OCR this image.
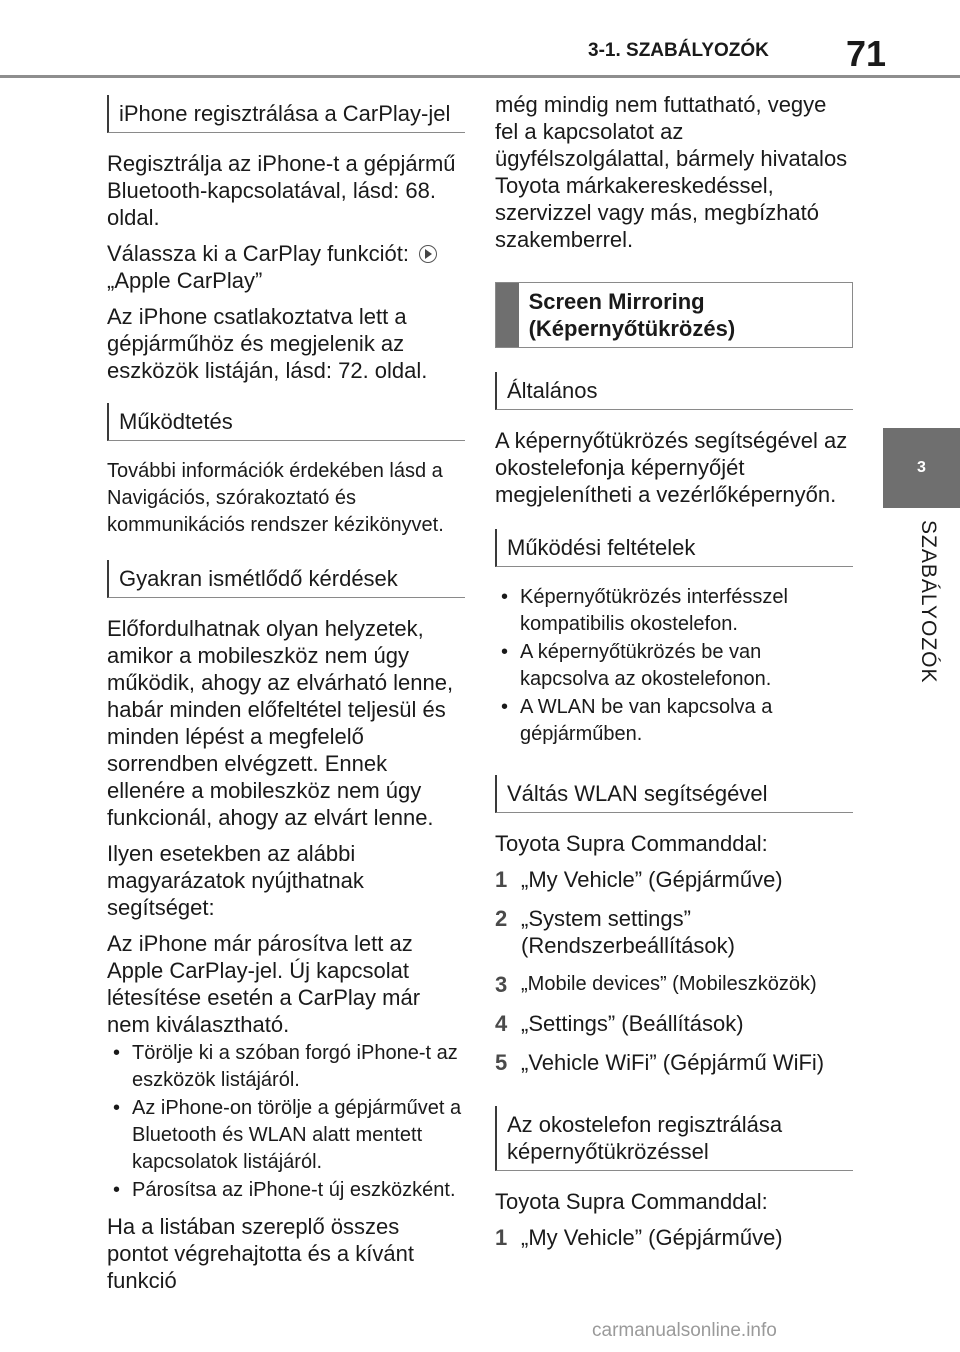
3-1. SZABÁLYOZÓK 71
3
SZABÁLYOZÓK
iPhone regisztrálása a CarPlay-jel

Regisztrálja az iPhone-t a gépjármű Bluetooth-kapcsolatával, lásd: 68. oldal.

Válassza ki a CarPlay funkciót:
„Apple CarPlay”

Az iPhone csatlakoztatva lett a gépjárműhöz és megjelenik az eszközök listáján, lásd: 72. oldal.

Működtetés

További információk érdekében lásd a Navigációs, szórakoztató és kommunikációs rendszer kézikönyvet.

Gyakran ismétlődő kérdések

Előfordulhatnak olyan helyzetek, amikor a mobileszköz nem úgy működik, ahogy az elvárható lenne, habár minden előfeltétel teljesül és minden lépést a megfelelő sorrendben elvégzett. Ennek ellenére a mobileszköz nem úgy funkcionál, ahogy az elvárt lenne.

Ilyen esetekben az alábbi magyarázatok nyújthatnak segítséget:

Az iPhone már párosítva lett az Apple CarPlay-jel. Új kapcsolat létesítése esetén a CarPlay már nem kiválasztható.

• Törölje ki a szóban forgó iPhone-t az eszközök listájáról.
• Az iPhone-on törölje a gépjárművet a Bluetooth és WLAN alatt mentett kapcsolatok listájáról.
• Párosítsa az iPhone-t új eszközként.

Ha a listában szereplő összes pontot végrehajtotta és a kívánt funkció

még mindig nem futtatható, vegye fel a kapcsolatot az ügyfélszolgálattal, bármely hivatalos Toyota márkakereskedéssel, szervizzel vagy más, megbízható szakemberrel.

Screen Mirroring (Képernyőtükrözés)
Általános

A képernyőtükrözés segítségével az okostelefonja képernyőjét megjelenítheti a vezérlőképernyőn.

Működési feltételek
• Képernyőtükrözés interfésszel kompatibilis okostelefon.
• A képernyőtükrözés be van kapcsolva az okostelefonon.
• A WLAN be van kapcsolva a gépjárműben.
Váltás WLAN segítségével

Toyota Supra Commanddal:

1 „My Vehicle” (Gépjárműve)
2 „System settings” (Rendszerbeállítások)
3 „Mobile devices” (Mobileszközök)
4 „Settings” (Beállítások)
5 „Vehicle WiFi” (Gépjármű WiFi)
Az okostelefon regisztrálása képernyőtükrözéssel

Toyota Supra Commanddal:

1 „My Vehicle” (Gépjárműve)
carmanualsonline.info
